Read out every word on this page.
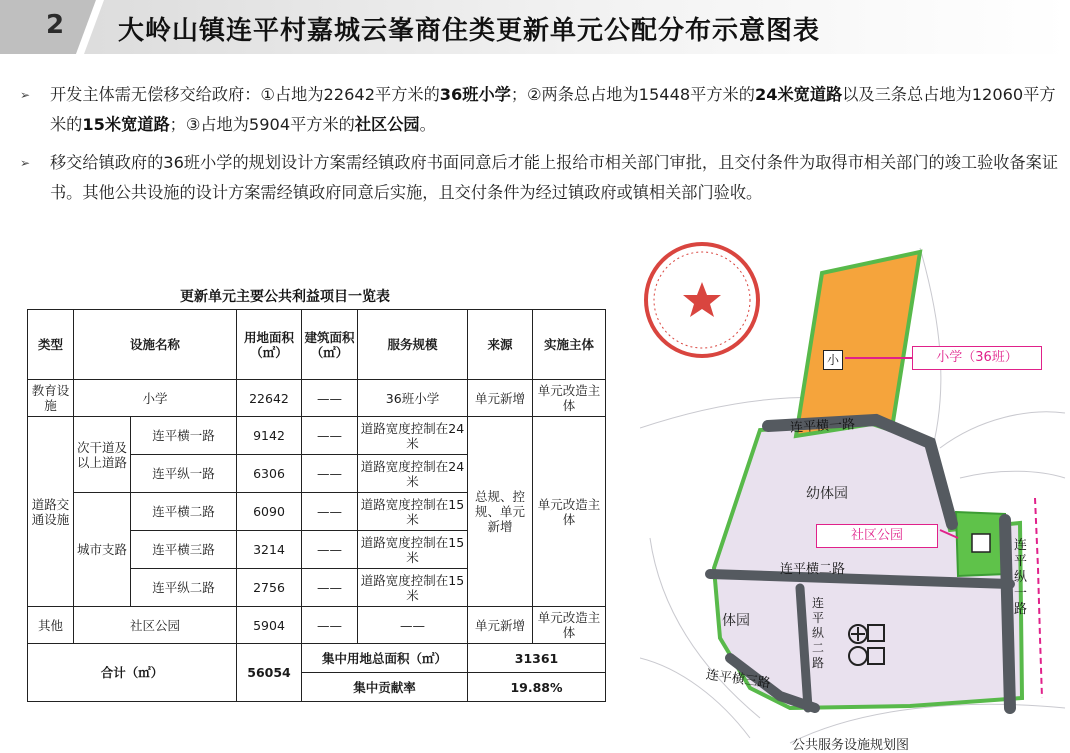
2	大岭山镇连平村嘉城云峯商住类更新单元公配分布示意图表
➢ 开发主体需无偿移交给政府：①占地为22642平方米的36班小学；②两条总占地为15448平方米的24米宽道路以及三条总占地为12060平方米的15米宽道路；③占地为5904平方米的社区公园。
➢ 移交给镇政府的36班小学的规划设计方案需经镇政府书面同意后才能上报给市相关部门审批，且交付条件为取得市相关部门的竣工验收备案证书。其他公共设施的设计方案需经镇政府同意后实施，且交付条件为经过镇政府或镇相关部门验收。
更新单元主要公共利益项目一览表
类型	设施名称		用地面积（㎡）	建筑面积（㎡）	服务规模	来源	实施主体
教育设施	小学		22642	——	36班小学	单元新增	单元改造主体
道路交通设施	次干道及以上道路	连平横一路	9142	——	道路宽度控制在24米	总规、控规、单元新增	单元改造主体
		连平纵一路	6306	——	道路宽度控制在24米		
	城市支路	连平横二路	6090	——	道路宽度控制在15米		
		连平横三路	3214	——	道路宽度控制在15米		
		连平纵二路	2756	——	道路宽度控制在15米		
其他	社区公园		5904	——	——	单元新增	单元改造主体
合计（㎡）			56054	集中用地总面积（㎡）		31361	
				集中贡献率		19.88%	
小	小学（36班）
连平横一路
幼体园
社区公园
连平横二路
连平纵一路
连平纵二路
体园
连平横三路
公共服务设施规划图
